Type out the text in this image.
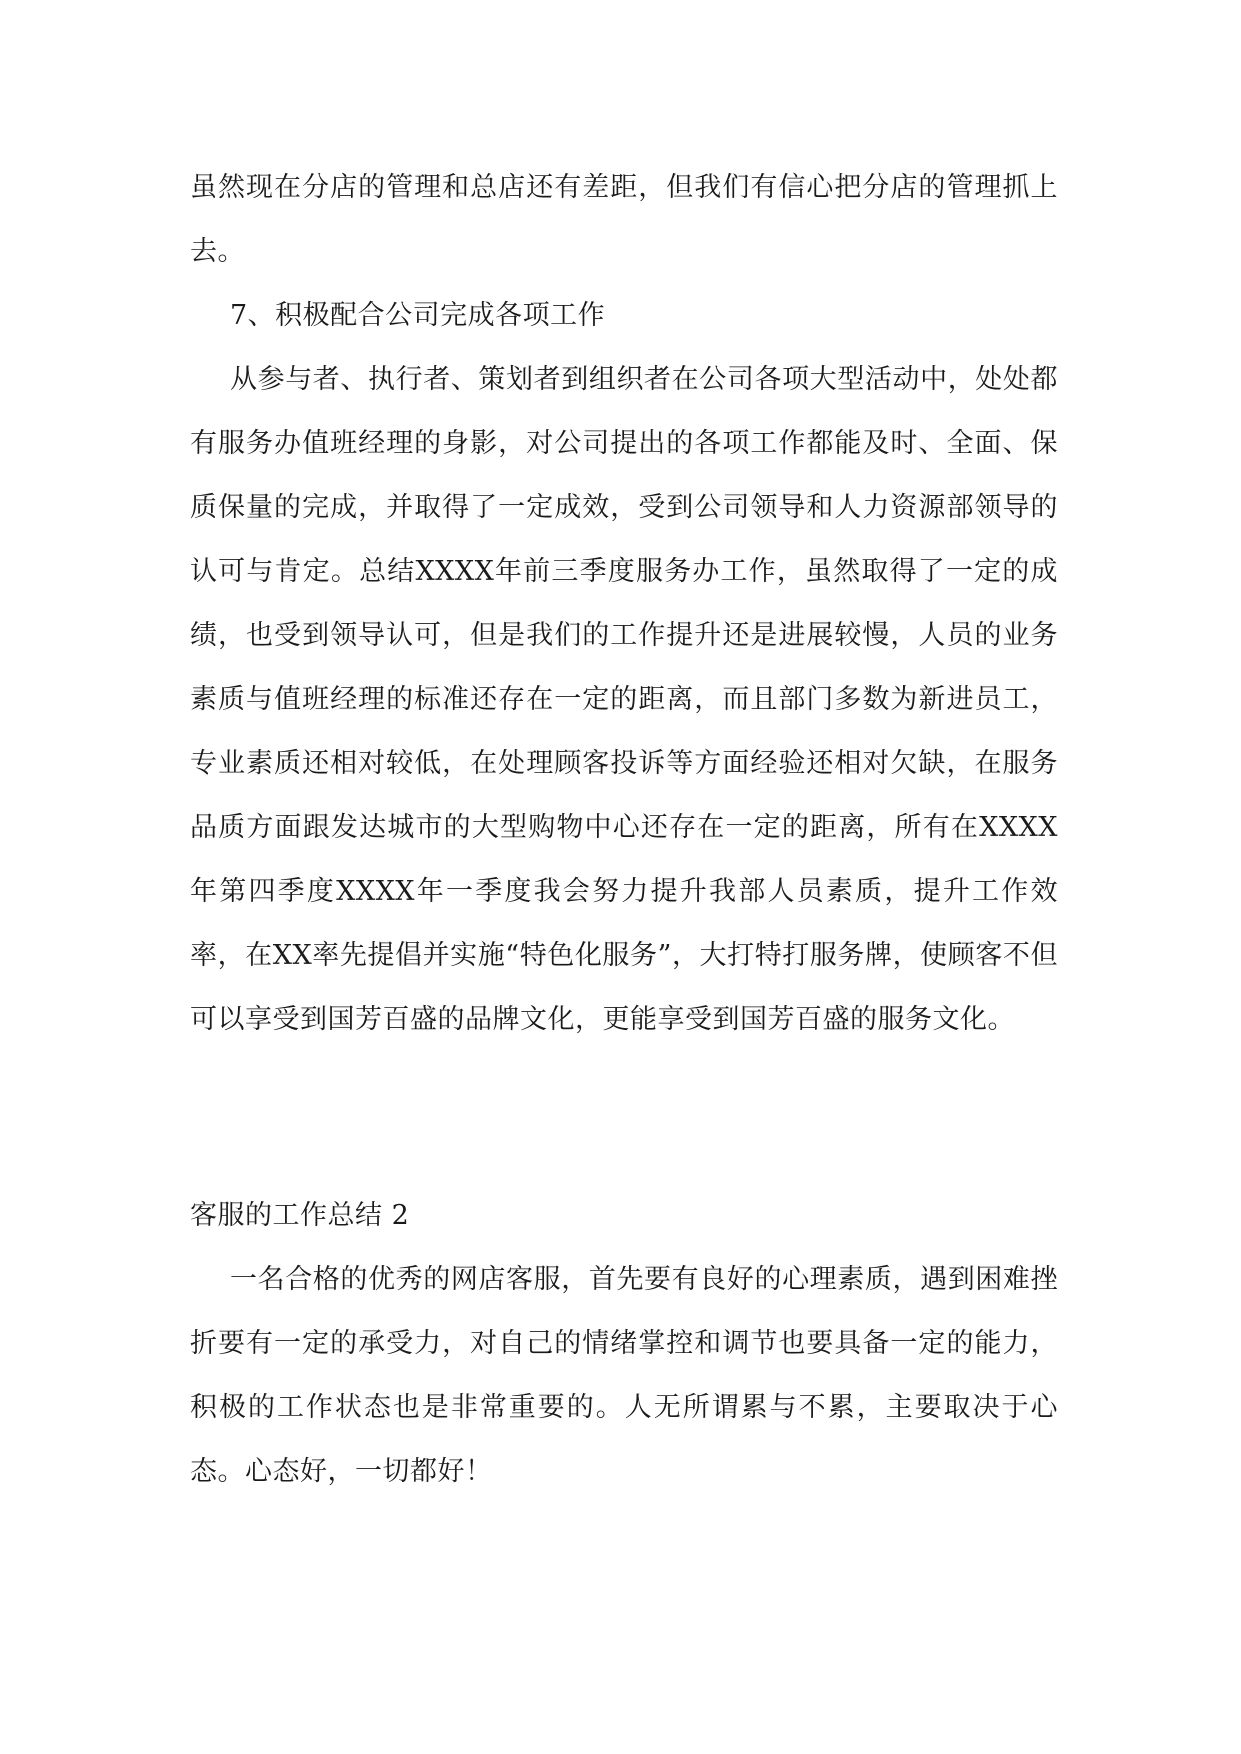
虽然现在分店的管理和总店还有差距，但我们有信心把分店的管理抓上去。

7、积极配合公司完成各项工作

从参与者、执行者、策划者到组织者在公司各项大型活动中，处处都有服务办值班经理的身影，对公司提出的各项工作都能及时、全面、保质保量的完成，并取得了一定成效，受到公司领导和人力资源部领导的认可与肯定。总结XXXX年前三季度服务办工作，虽然取得了一定的成绩，也受到领导认可，但是我们的工作提升还是进展较慢，人员的业务素质与值班经理的标准还存在一定的距离，而且部门多数为新进员工，专业素质还相对较低，在处理顾客投诉等方面经验还相对欠缺，在服务品质方面跟发达城市的大型购物中心还存在一定的距离，所有在XXXX年第四季度XXXX年一季度我会努力提升我部人员素质，提升工作效率，在XX率先提倡并实施“特色化服务”，大打特打服务牌，使顾客不但可以享受到国芳百盛的品牌文化，更能享受到国芳百盛的服务文化。

客服的工作总结 2

一名合格的优秀的网店客服，首先要有良好的心理素质，遇到困难挫折要有一定的承受力，对自己的情绪掌控和调节也要具备一定的能力，积极的工作状态也是非常重要的。人无所谓累与不累，主要取决于心态。心态好，一切都好！
